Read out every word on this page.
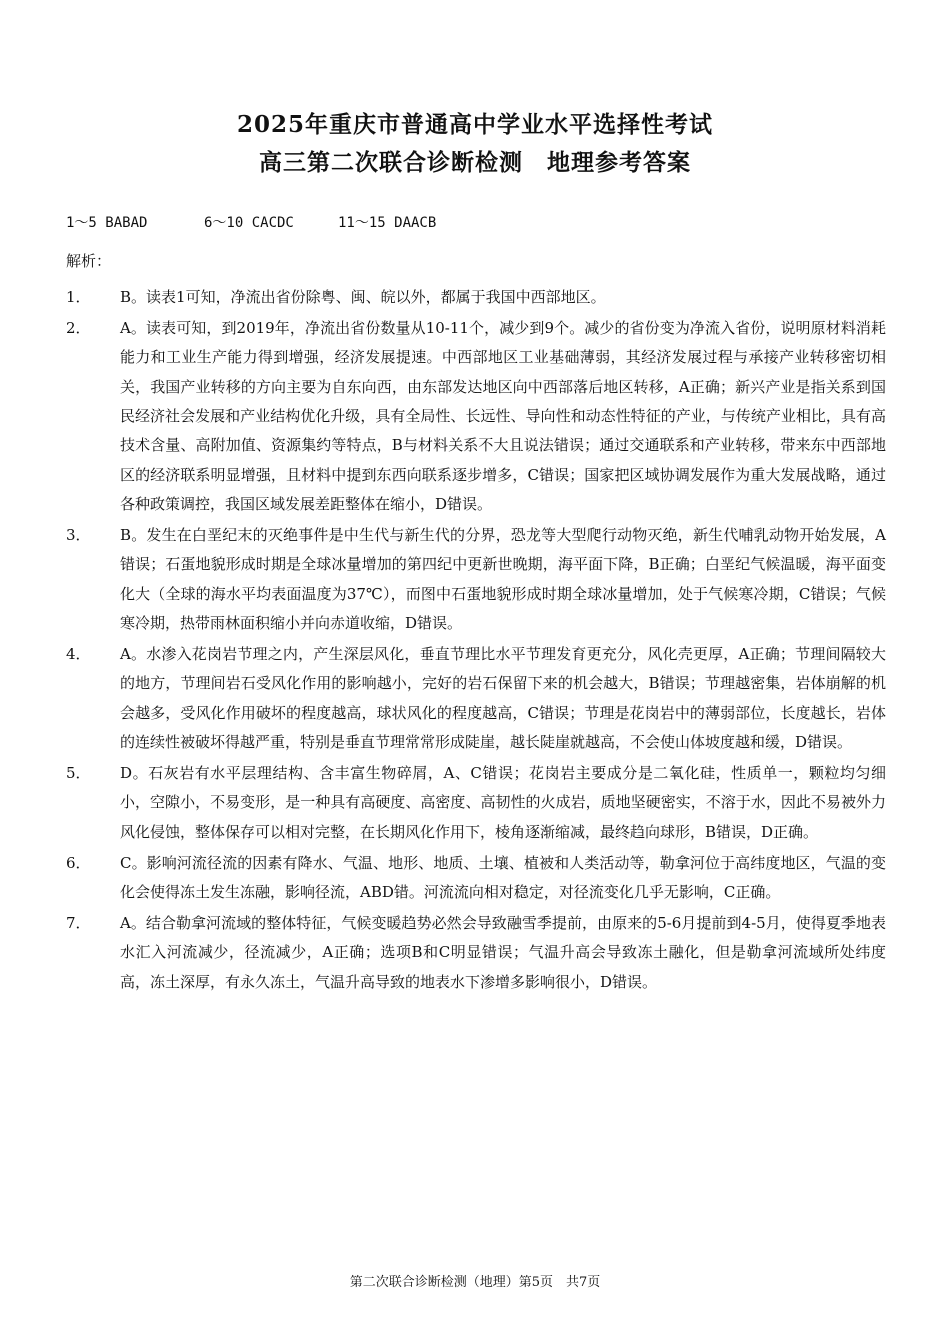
2025年重庆市普通高中学业水平选择性考试
高三第二次联合诊断检测　地理参考答案
1～5 BABAD	6～10 CACDC	11～15 DAACB
解析：
1．	B。读表1可知，净流出省份除粤、闽、皖以外，都属于我国中西部地区。
2．	A。读表可知，到2019年，净流出省份数量从10-11个，减少到9个。减少的省份变为净流入省份，说明原材料消耗能力和工业生产能力得到增强，经济发展提速。中西部地区工业基础薄弱，其经济发展过程与承接产业转移密切相关，我国产业转移的方向主要为自东向西，由东部发达地区向中西部落后地区转移，A正确；新兴产业是指关系到国民经济社会发展和产业结构优化升级，具有全局性、长远性、导向性和动态性特征的产业，与传统产业相比，具有高技术含量、高附加值、资源集约等特点，B与材料关系不大且说法错误；通过交通联系和产业转移，带来东中西部地区的经济联系明显增强，且材料中提到东西向联系逐步增多，C错误；国家把区域协调发展作为重大发展战略，通过各种政策调控，我国区域发展差距整体在缩小，D错误。
3．	B。发生在白垩纪末的灭绝事件是中生代与新生代的分界，恐龙等大型爬行动物灭绝，新生代哺乳动物开始发展，A错误；石蛋地貌形成时期是全球冰量增加的第四纪中更新世晚期，海平面下降，B正确；白垩纪气候温暖，海平面变化大（全球的海水平均表面温度为37℃），而图中石蛋地貌形成时期全球冰量增加，处于气候寒冷期，C错误；气候寒冷期，热带雨林面积缩小并向赤道收缩，D错误。
4．	A。水渗入花岗岩节理之内，产生深层风化，垂直节理比水平节理发育更充分，风化壳更厚，A正确；节理间隔较大的地方，节理间岩石受风化作用的影响越小，完好的岩石保留下来的机会越大，B错误；节理越密集，岩体崩解的机会越多，受风化作用破坏的程度越高，球状风化的程度越高，C错误；节理是花岗岩中的薄弱部位，长度越长，岩体的连续性被破坏得越严重，特别是垂直节理常常形成陡崖，越长陡崖就越高，不会使山体坡度越和缓，D错误。
5．	D。石灰岩有水平层理结构、含丰富生物碎屑，A、C错误；花岗岩主要成分是二氧化硅，性质单一，颗粒均匀细小，空隙小，不易变形，是一种具有高硬度、高密度、高韧性的火成岩，质地坚硬密实，不溶于水，因此不易被外力风化侵蚀，整体保存可以相对完整，在长期风化作用下，棱角逐渐缩减，最终趋向球形，B错误，D正确。
6．	C。影响河流径流的因素有降水、气温、地形、地质、土壤、植被和人类活动等，勒拿河位于高纬度地区，气温的变化会使得冻土发生冻融，影响径流，ABD错。河流流向相对稳定，对径流变化几乎无影响，C正确。
7．	A。结合勒拿河流域的整体特征，气候变暖趋势必然会导致融雪季提前，由原来的5-6月提前到4-5月，使得夏季地表水汇入河流减少，径流减少，A正确；选项B和C明显错误；气温升高会导致冻土融化，但是勒拿河流域所处纬度高，冻土深厚，有永久冻土，气温升高导致的地表水下渗增多影响很小，D错误。
第二次联合诊断检测（地理）第5页　共7页
